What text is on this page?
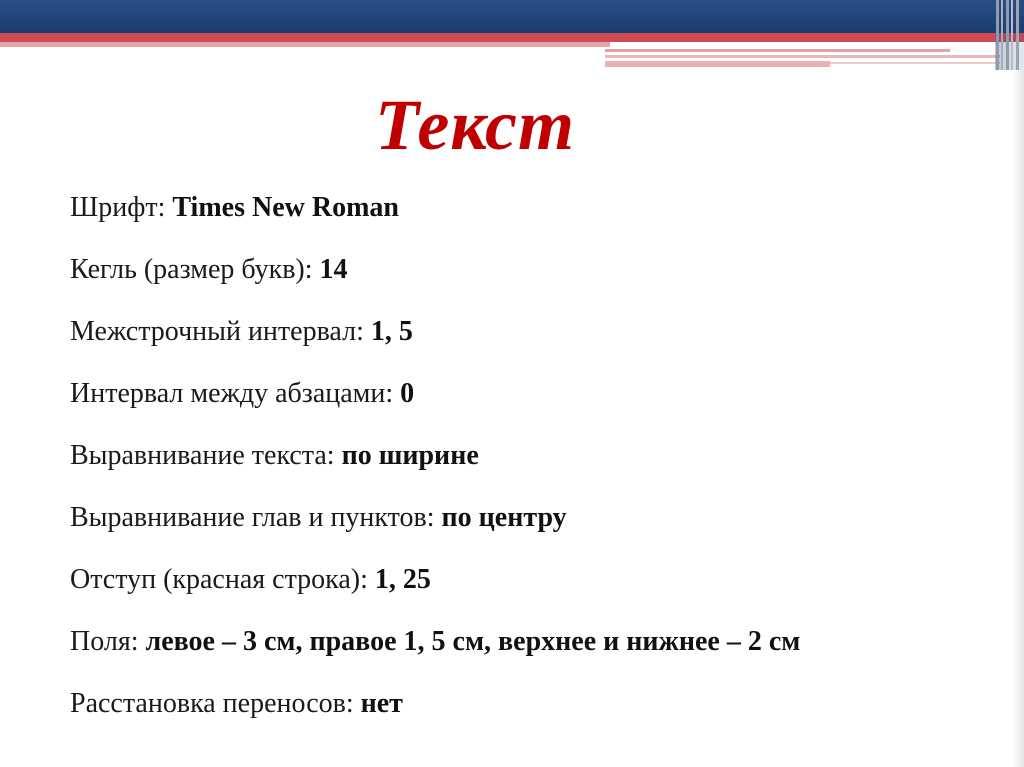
Текст
Шрифт: Times New Roman
Кегль (размер букв): 14
Межстрочный интервал: 1, 5
Интервал между абзацами: 0
Выравнивание текста: по ширине
Выравнивание глав и пунктов: по центру
Отступ (красная строка): 1, 25
Поля: левое – 3 см, правое 1, 5 см, верхнее и нижнее – 2 см
Расстановка переносов: нет
